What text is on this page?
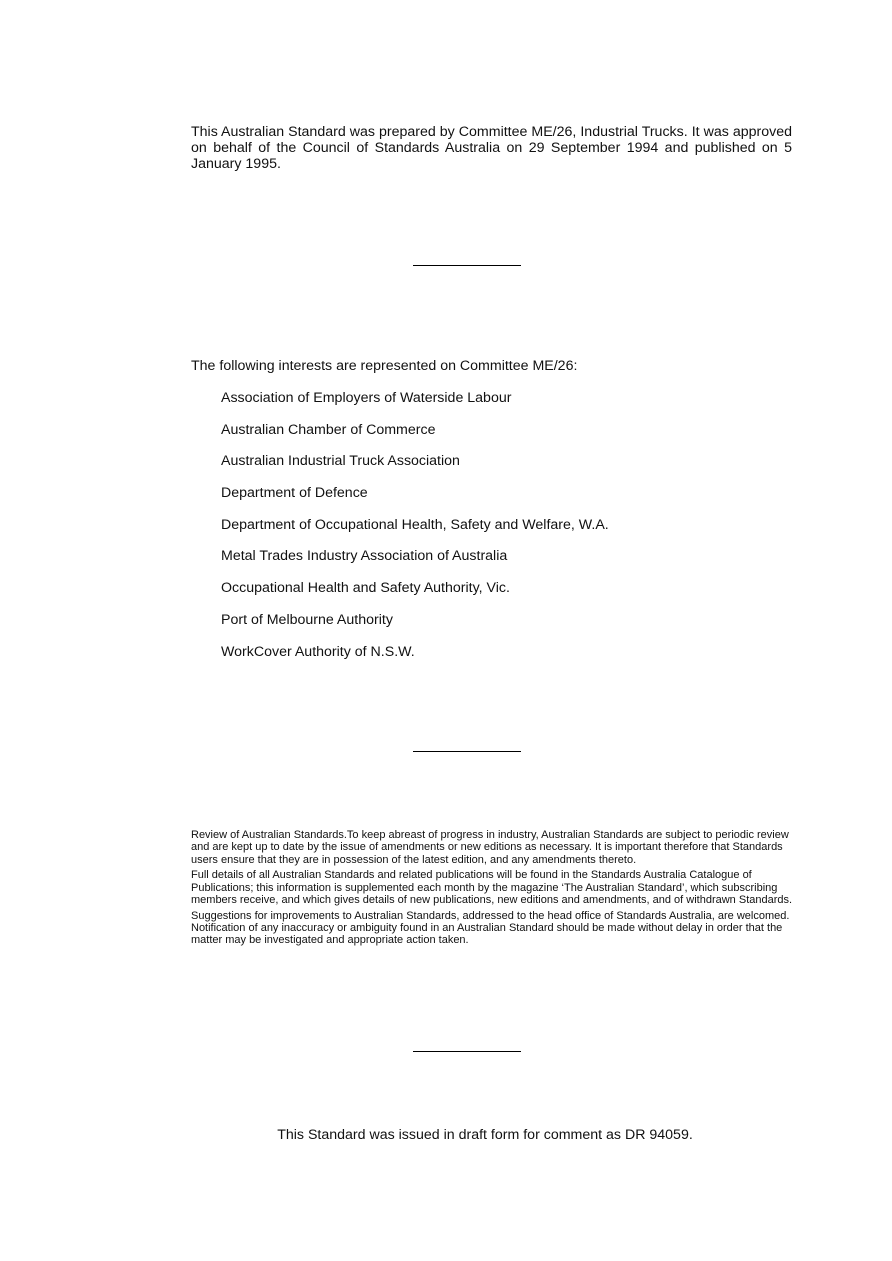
This Australian Standard was prepared by Committee ME/26, Industrial Trucks. It was approved on behalf of the Council of Standards Australia on 29 September 1994 and published on 5 January 1995.
The following interests are represented on Committee ME/26:
Association of Employers of Waterside Labour
Australian Chamber of Commerce
Australian Industrial Truck Association
Department of Defence
Department of Occupational Health, Safety and Welfare, W.A.
Metal Trades Industry Association of Australia
Occupational Health and Safety Authority, Vic.
Port of Melbourne Authority
WorkCover Authority of N.S.W.

Review of Australian Standards.To keep abreast of progress in industry, Australian Standards are subject to periodic review and are kept up to date by the issue of amendments or new editions as necessary. It is important therefore that Standards users ensure that they are in possession of the latest edition, and any amendments thereto.

Full details of all Australian Standards and related publications will be found in the Standards Australia Catalogue of Publications; this information is supplemented each month by the magazine ‘The Australian Standard’, which subscribing members receive, and which gives details of new publications, new editions and amendments, and of withdrawn Standards.

Suggestions for improvements to Australian Standards, addressed to the head office of Standards Australia, are welcomed. Notification of any inaccuracy or ambiguity found in an Australian Standard should be made without delay in order that the matter may be investigated and appropriate action taken.

This Standard was issued in draft form for comment as DR 94059.
